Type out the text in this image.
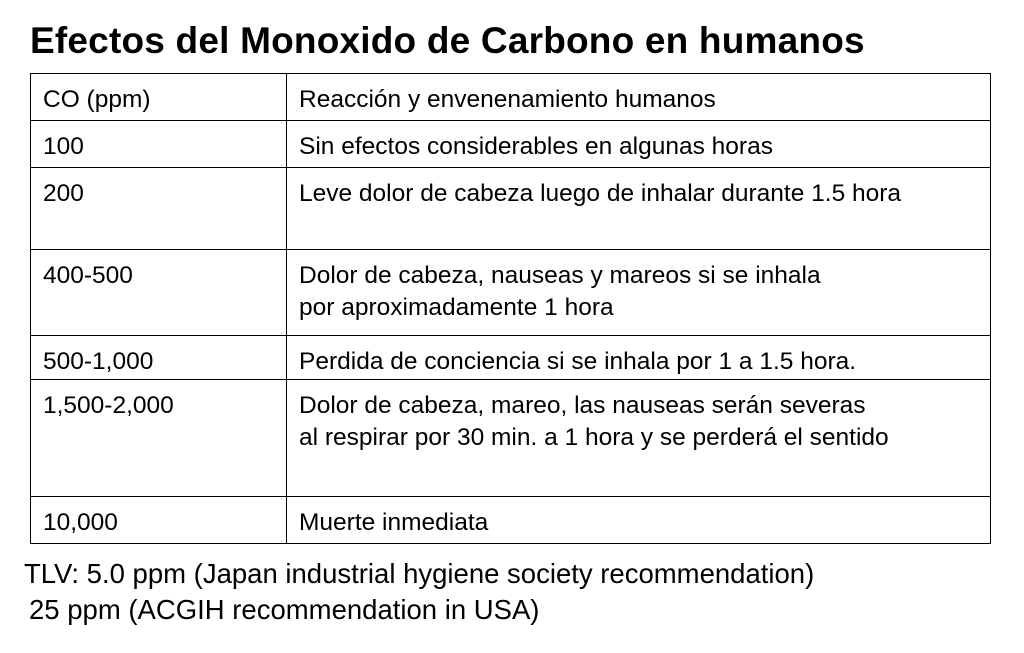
Efectos del Monoxido de Carbono en humanos
CO (ppm)	Reacción y envenenamiento humanos
100	Sin efectos considerables en algunas horas
200	Leve dolor de cabeza luego de inhalar durante 1.5 hora
400-500	Dolor de cabeza, nauseas y mareos si se inhala
por aproximadamente 1 hora
500-1,000	Perdida de conciencia si se inhala por 1 a 1.5 hora.
1,500-2,000	Dolor de cabeza, mareo, las nauseas serán severas
al respirar por 30 min. a 1 hora y se perderá el sentido
10,000	Muerte inmediata
TLV: 5.0 ppm (Japan industrial hygiene society recommendation)
25 ppm (ACGIH recommendation in USA)
